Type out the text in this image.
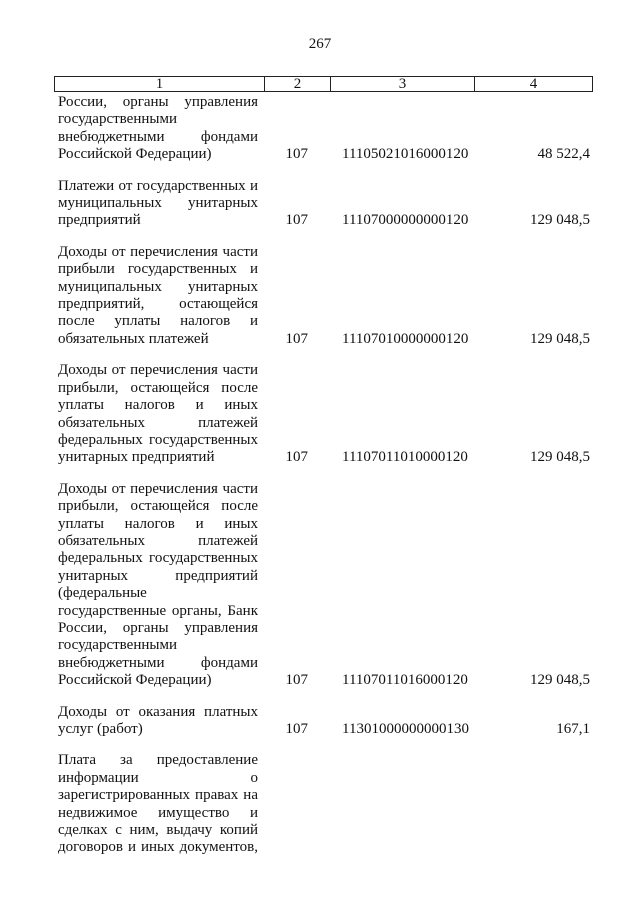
267
1	2	3	4
России, органы управления
государственными
внебюджетными фондами
Российской Федерации)	107 11105021016000120	48 522,4
Платежи от государственных и
муниципальных унитарных
предприятий	107 11107000000000120	129 048,5
Доходы от перечисления части
прибыли государственных и
муниципальных унитарных
предприятий, остающейся
после уплаты налогов и
обязательных платежей	107 11107010000000120	129 048,5
Доходы от перечисления части
прибыли, остающейся после
уплаты налогов и иных
обязательных платежей
федеральных государственных
унитарных предприятий	107 11107011010000120	129 048,5
Доходы от перечисления части
прибыли, остающейся после
уплаты налогов и иных
обязательных платежей
федеральных государственных
унитарных предприятий
(федеральные
государственные органы, Банк
России, органы управления
государственными
внебюджетными фондами
Российской Федерации)	107 11107011016000120	129 048,5
Доходы от оказания платных
услуг (работ)	107 11301000000000130	167,1
Плата за предоставление
информации о
зарегистрированных правах на
недвижимое имущество и
сделках с ним, выдачу копий
договоров и иных документов,
